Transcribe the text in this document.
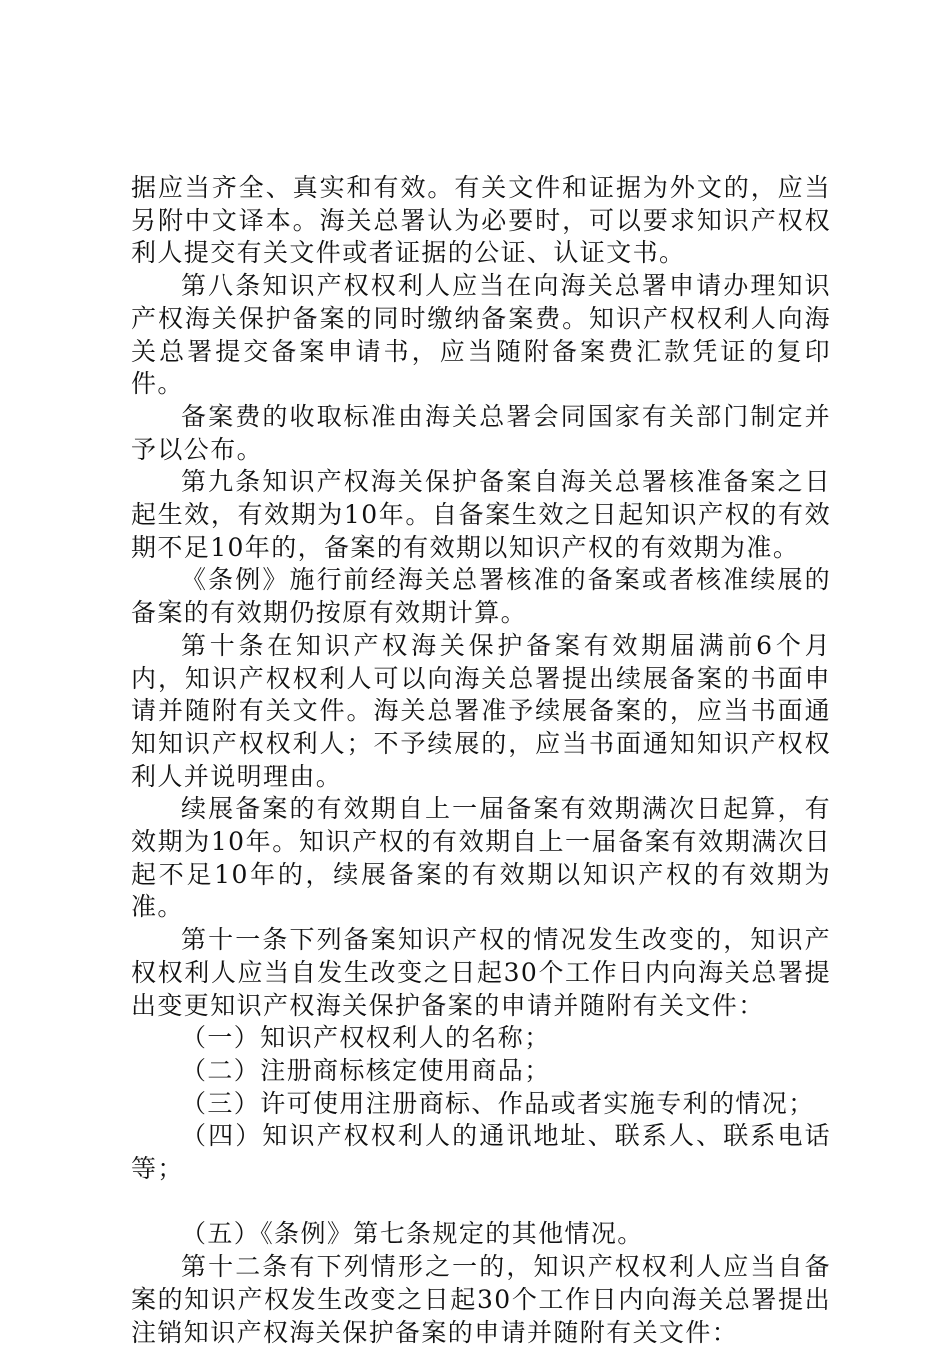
据应当齐全、真实和有效。有关文件和证据为外文的，应当另附中文译本。海关总署认为必要时，可以要求知识产权权利人提交有关文件或者证据的公证、认证文书。

第八条知识产权权利人应当在向海关总署申请办理知识产权海关保护备案的同时缴纳备案费。知识产权权利人向海关总署提交备案申请书，应当随附备案费汇款凭证的复印件。

备案费的收取标准由海关总署会同国家有关部门制定并予以公布。

第九条知识产权海关保护备案自海关总署核准备案之日起生效，有效期为10年。自备案生效之日起知识产权的有效期不足10年的，备案的有效期以知识产权的有效期为准。

《条例》施行前经海关总署核准的备案或者核准续展的备案的有效期仍按原有效期计算。

第十条在知识产权海关保护备案有效期届满前6个月内，知识产权权利人可以向海关总署提出续展备案的书面申请并随附有关文件。海关总署准予续展备案的，应当书面通知知识产权权利人；不予续展的，应当书面通知知识产权权利人并说明理由。

续展备案的有效期自上一届备案有效期满次日起算，有效期为10年。知识产权的有效期自上一届备案有效期满次日起不足10年的，续展备案的有效期以知识产权的有效期为准。

第十一条下列备案知识产权的情况发生改变的，知识产权权利人应当自发生改变之日起30个工作日内向海关总署提出变更知识产权海关保护备案的申请并随附有关文件：

（一）知识产权权利人的名称；

（二）注册商标核定使用商品；

（三）许可使用注册商标、作品或者实施专利的情况；

（四）知识产权权利人的通讯地址、联系人、联系电话等；

（五）《条例》第七条规定的其他情况。

第十二条有下列情形之一的，知识产权权利人应当自备案的知识产权发生改变之日起30个工作日内向海关总署提出注销知识产权海关保护备案的申请并随附有关文件：
